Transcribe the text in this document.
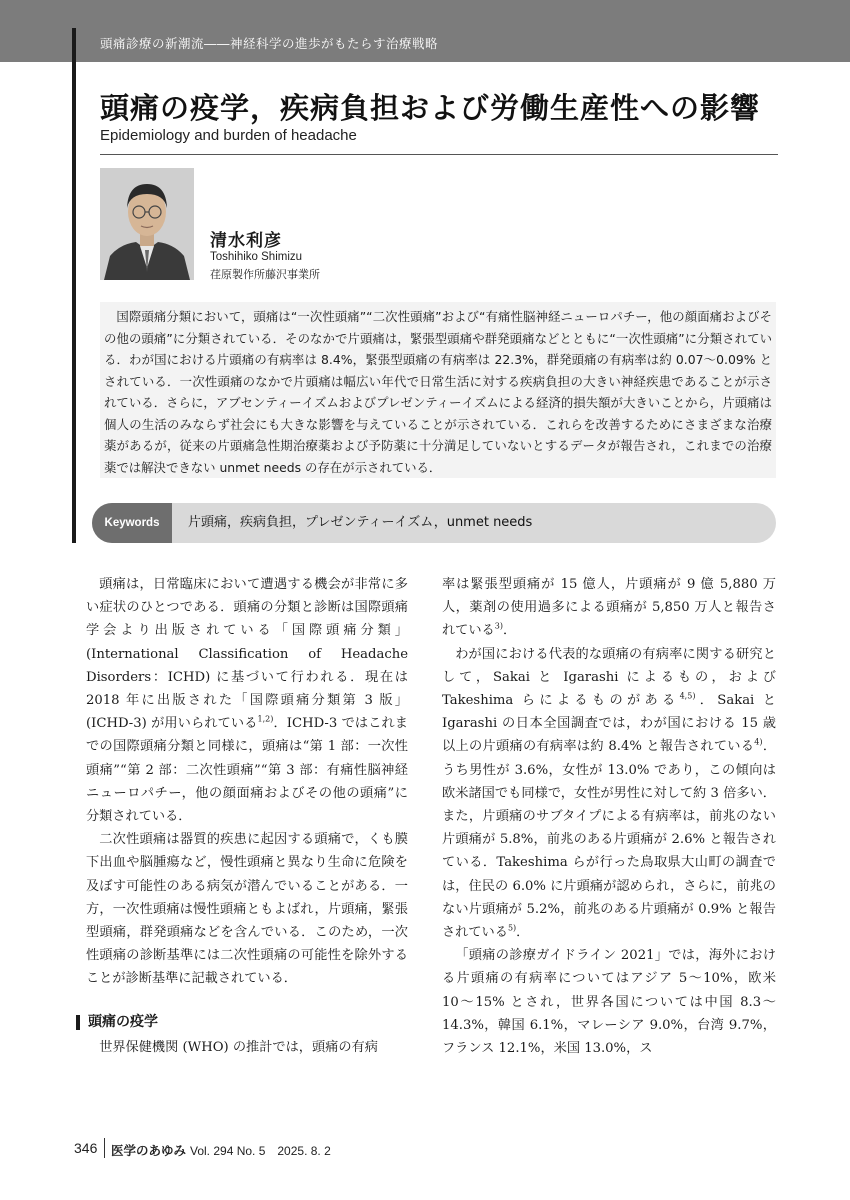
頭痛診療の新潮流――神経科学の進歩がもたらす治療戦略
頭痛の疫学，疾病負担および労働生産性への影響
Epidemiology and burden of headache
清水利彦
Toshihiko Shimizu
荏原製作所藤沢事業所

国際頭痛分類において，頭痛は“一次性頭痛”“二次性頭痛”および“有痛性脳神経ニューロパチー，他の顔面痛およびその他の頭痛”に分類されている．そのなかで片頭痛は，緊張型頭痛や群発頭痛などとともに“一次性頭痛”に分類されている．わが国における片頭痛の有病率は 8.4%，緊張型頭痛の有病率は 22.3%，群発頭痛の有病率は約 0.07〜0.09% とされている．一次性頭痛のなかで片頭痛は幅広い年代で日常生活に対する疾病負担の大きい神経疾患であることが示されている．さらに，アブセンティーイズムおよびプレゼンティーイズムによる経済的損失額が大きいことから，片頭痛は個人の生活のみならず社会にも大きな影響を与えていることが示されている．これらを改善するためにさまざまな治療薬があるが，従来の片頭痛急性期治療薬および予防薬に十分満足していないとするデータが報告され，これまでの治療薬では解決できない unmet needs の存在が示されている．

Keywords	片頭痛，疾病負担，プレゼンティーイズム，unmet needs

頭痛は，日常臨床において遭遇する機会が非常に多い症状のひとつである．頭痛の分類と診断は国際頭痛学会より出版されている「国際頭痛分類」(International Classification of Headache Disorders：ICHD) に基づいて行われる．現在は 2018 年に出版された「国際頭痛分類第 3 版」(ICHD-3) が用いられている$^{1,2)}$．ICHD-3 ではこれまでの国際頭痛分類と同様に，頭痛は“第 1 部：一次性頭痛”“第 2 部：二次性頭痛”“第 3 部：有痛性脳神経ニューロパチー，他の顔面痛およびその他の頭痛”に分類されている．

二次性頭痛は器質的疾患に起因する頭痛で，くも膜下出血や脳腫瘍など，慢性頭痛と異なり生命に危険を及ぼす可能性のある病気が潜んでいることがある．一方，一次性頭痛は慢性頭痛ともよばれ，片頭痛，緊張型頭痛，群発頭痛などを含んでいる．このため，一次性頭痛の診断基準には二次性頭痛の可能性を除外することが診断基準に記載されている．

頭痛の疫学

世界保健機関 (WHO) の推計では，頭痛の有病

率は緊張型頭痛が 15 億人，片頭痛が 9 億 5,880 万人，薬剤の使用過多による頭痛が 5,850 万人と報告されている$^{3)}$．

わが国における代表的な頭痛の有病率に関する研究として，Sakai と Igarashi によるもの，および Takeshima らによるものがある$^{4,5)}$．Sakai と Igarashi の日本全国調査では，わが国における 15 歳以上の片頭痛の有病率は約 8.4% と報告されている$^{4)}$．うち男性が 3.6%，女性が 13.0% であり，この傾向は欧米諸国でも同様で，女性が男性に対して約 3 倍多い．また，片頭痛のサブタイプによる有病率は，前兆のない片頭痛が 5.8%，前兆のある片頭痛が 2.6% と報告されている．Takeshima らが行った鳥取県大山町の調査では，住民の 6.0% に片頭痛が認められ，さらに，前兆のない片頭痛が 5.2%，前兆のある片頭痛が 0.9% と報告されている$^{5)}$．

「頭痛の診療ガイドライン 2021」では，海外における片頭痛の有病率についてはアジア 5〜10%，欧米 10〜15% とされ，世界各国については中国 8.3〜14.3%，韓国 6.1%，マレーシア 9.0%，台湾 9.7%，フランス 12.1%，米国 13.0%，ス

346 医学のあゆみ Vol. 294 No. 5　2025. 8. 2
